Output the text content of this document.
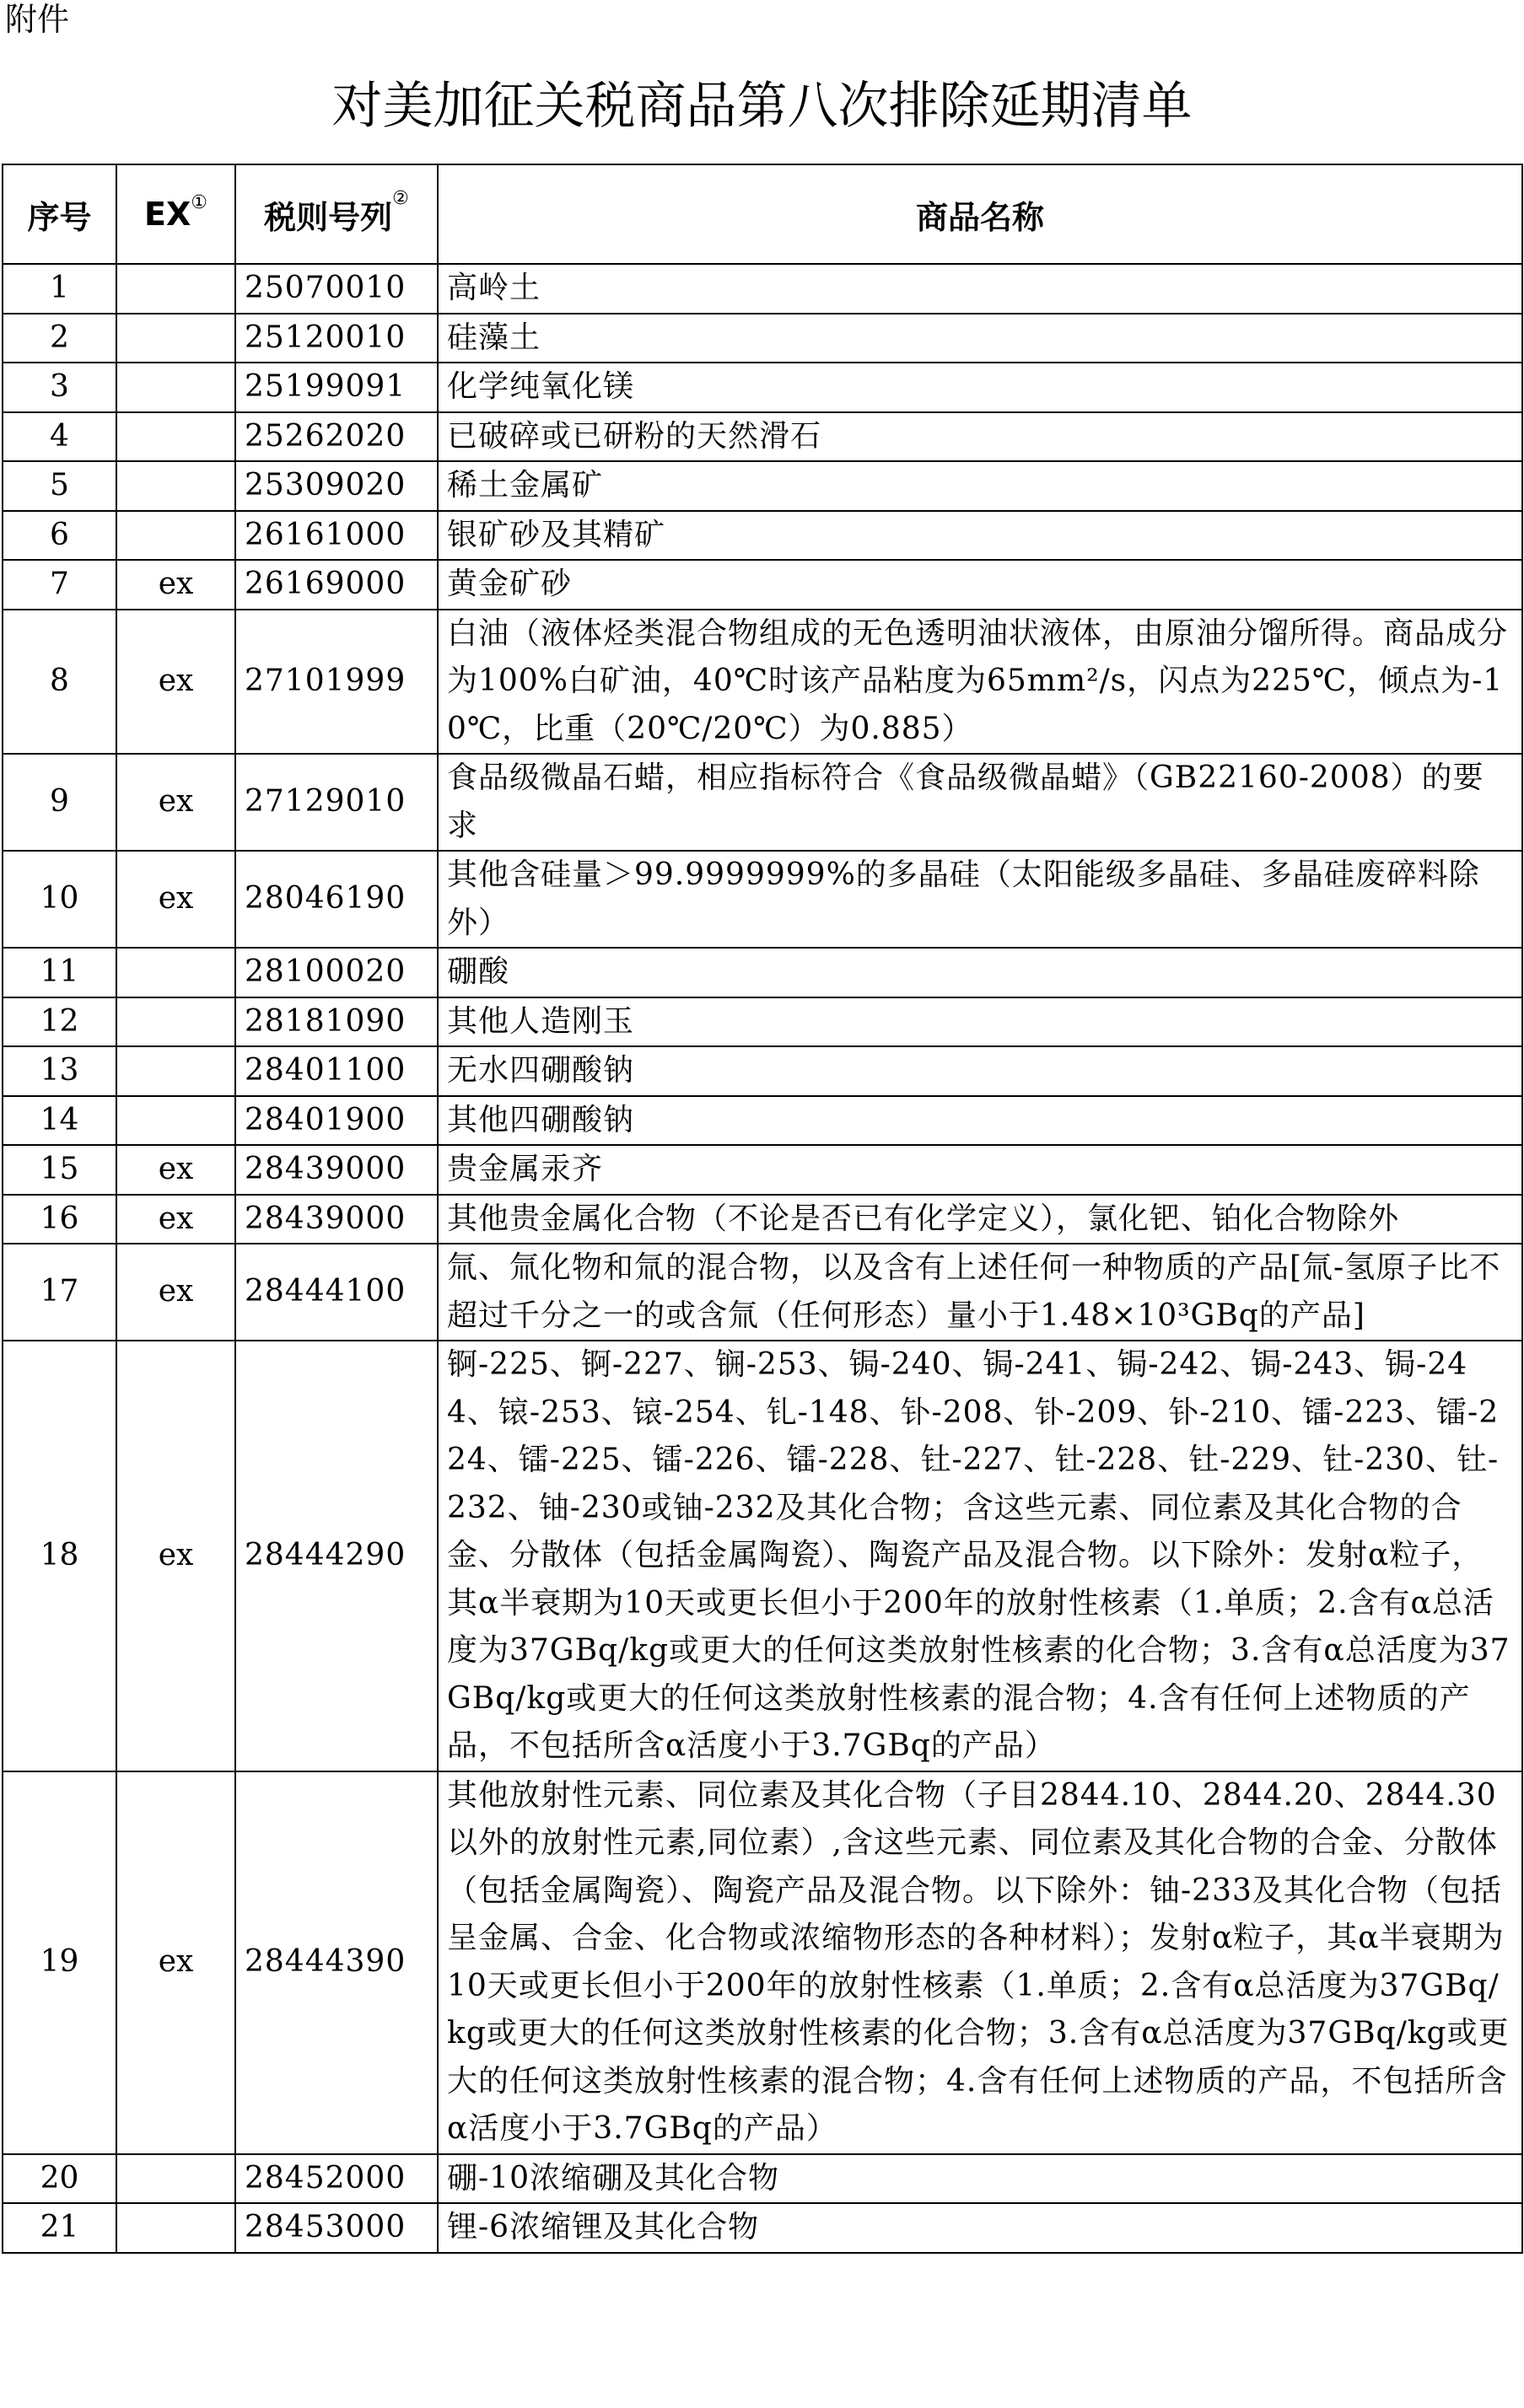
附件
对美加征关税商品第八次排除延期清单
序号	EX①	税则号列②	商品名称
1		25070010	高岭土
2		25120010	硅藻土
3		25199091	化学纯氧化镁
4		25262020	已破碎或已研粉的天然滑石
5		25309020	稀土金属矿
6		26161000	银矿砂及其精矿
7	ex	26169000	黄金矿砂
8	ex	27101999	白油（液体烃类混合物组成的无色透明油状液体，由原油分馏所得。商品成分为100%白矿油，40℃时该产品粘度为65mm²/s，闪点为225℃，倾点为-10℃，比重（20℃/20℃）为0.885）
9	ex	27129010	食品级微晶石蜡，相应指标符合《食品级微晶蜡》（GB22160-2008）的要求
10	ex	28046190	其他含硅量＞99.9999999%的多晶硅（太阳能级多晶硅、多晶硅废碎料除外）
11		28100020	硼酸
12		28181090	其他人造刚玉
13		28401100	无水四硼酸钠
14		28401900	其他四硼酸钠
15	ex	28439000	贵金属汞齐
16	ex	28439000	其他贵金属化合物（不论是否已有化学定义），氯化钯、铂化合物除外
17	ex	28444100	氚、氚化物和氚的混合物，以及含有上述任何一种物质的产品[氚-氢原子比不超过千分之一的或含氚（任何形态）量小于1.48×10³GBq的产品]
18	ex	28444290	锕-225、锕-227、锎-253、锔-240、锔-241、锔-242、锔-243、锔-244、锿-253、锿-254、钆-148、钋-208、钋-209、钋-210、镭-223、镭-224、镭-225、镭-226、镭-228、钍-227、钍-228、钍-229、钍-230、钍-232、铀-230或铀-232及其化合物；含这些元素、同位素及其化合物的合金、分散体（包括金属陶瓷）、陶瓷产品及混合物。以下除外：发射α粒子，其α半衰期为10天或更长但小于200年的放射性核素（1.单质；2.含有α总活度为37GBq/kg或更大的任何这类放射性核素的化合物；3.含有α总活度为37GBq/kg或更大的任何这类放射性核素的混合物；4.含有任何上述物质的产品，不包括所含α活度小于3.7GBq的产品）
19	ex	28444390	其他放射性元素、同位素及其化合物（子目2844.10、2844.20、2844.30以外的放射性元素,同位素）,含这些元素、同位素及其化合物的合金、分散体（包括金属陶瓷）、陶瓷产品及混合物。以下除外：铀-233及其化合物（包括呈金属、合金、化合物或浓缩物形态的各种材料）；发射α粒子，其α半衰期为10天或更长但小于200年的放射性核素（1.单质；2.含有α总活度为37GBq/kg或更大的任何这类放射性核素的化合物；3.含有α总活度为37GBq/kg或更大的任何这类放射性核素的混合物；4.含有任何上述物质的产品，不包括所含α活度小于3.7GBq的产品）
20		28452000	硼-10浓缩硼及其化合物
21		28453000	锂-6浓缩锂及其化合物
